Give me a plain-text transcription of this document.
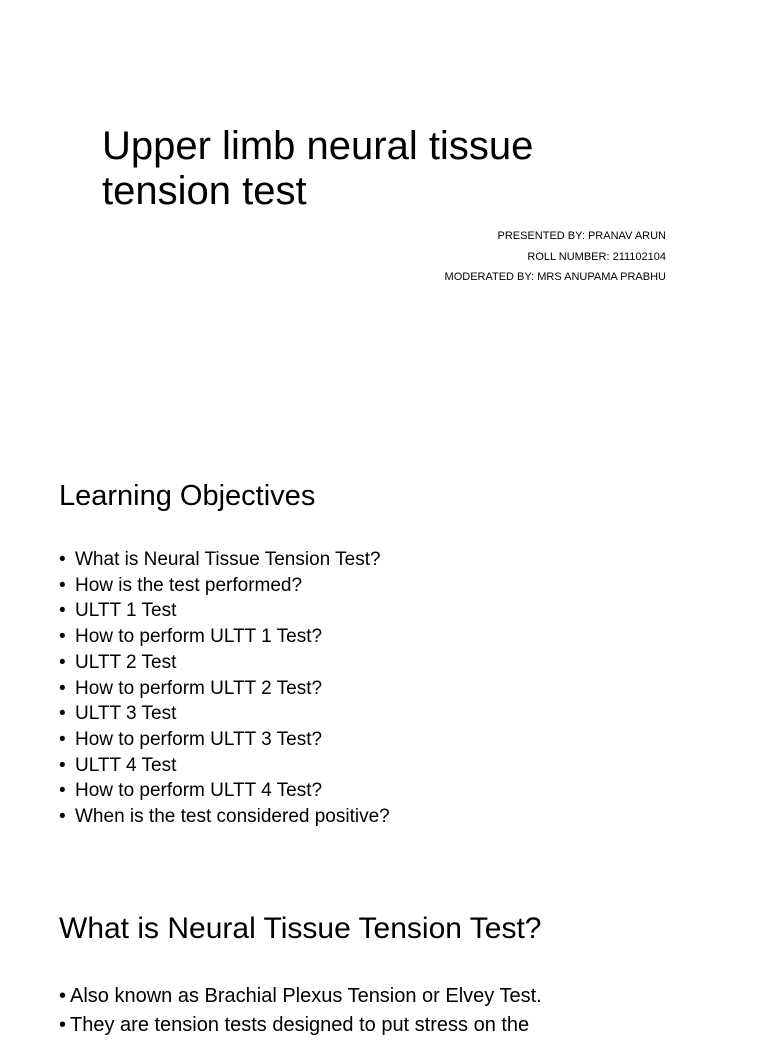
Upper limb neural tissue
tension test
PRESENTED BY: PRANAV ARUN
ROLL NUMBER: 211102104
MODERATED BY: MRS ANUPAMA PRABHU
Learning Objectives
• What is Neural Tissue Tension Test?
• How is the test performed?
• ULTT 1 Test
• How to perform ULTT 1 Test?
• ULTT 2 Test
• How to perform ULTT 2 Test?
• ULTT 3 Test
• How to perform ULTT 3 Test?
• ULTT 4 Test
• How to perform ULTT 4 Test?
• When is the test considered positive?
What is Neural Tissue Tension Test?
• Also known as Brachial Plexus Tension or Elvey Test.
• They are tension tests designed to put stress on the
